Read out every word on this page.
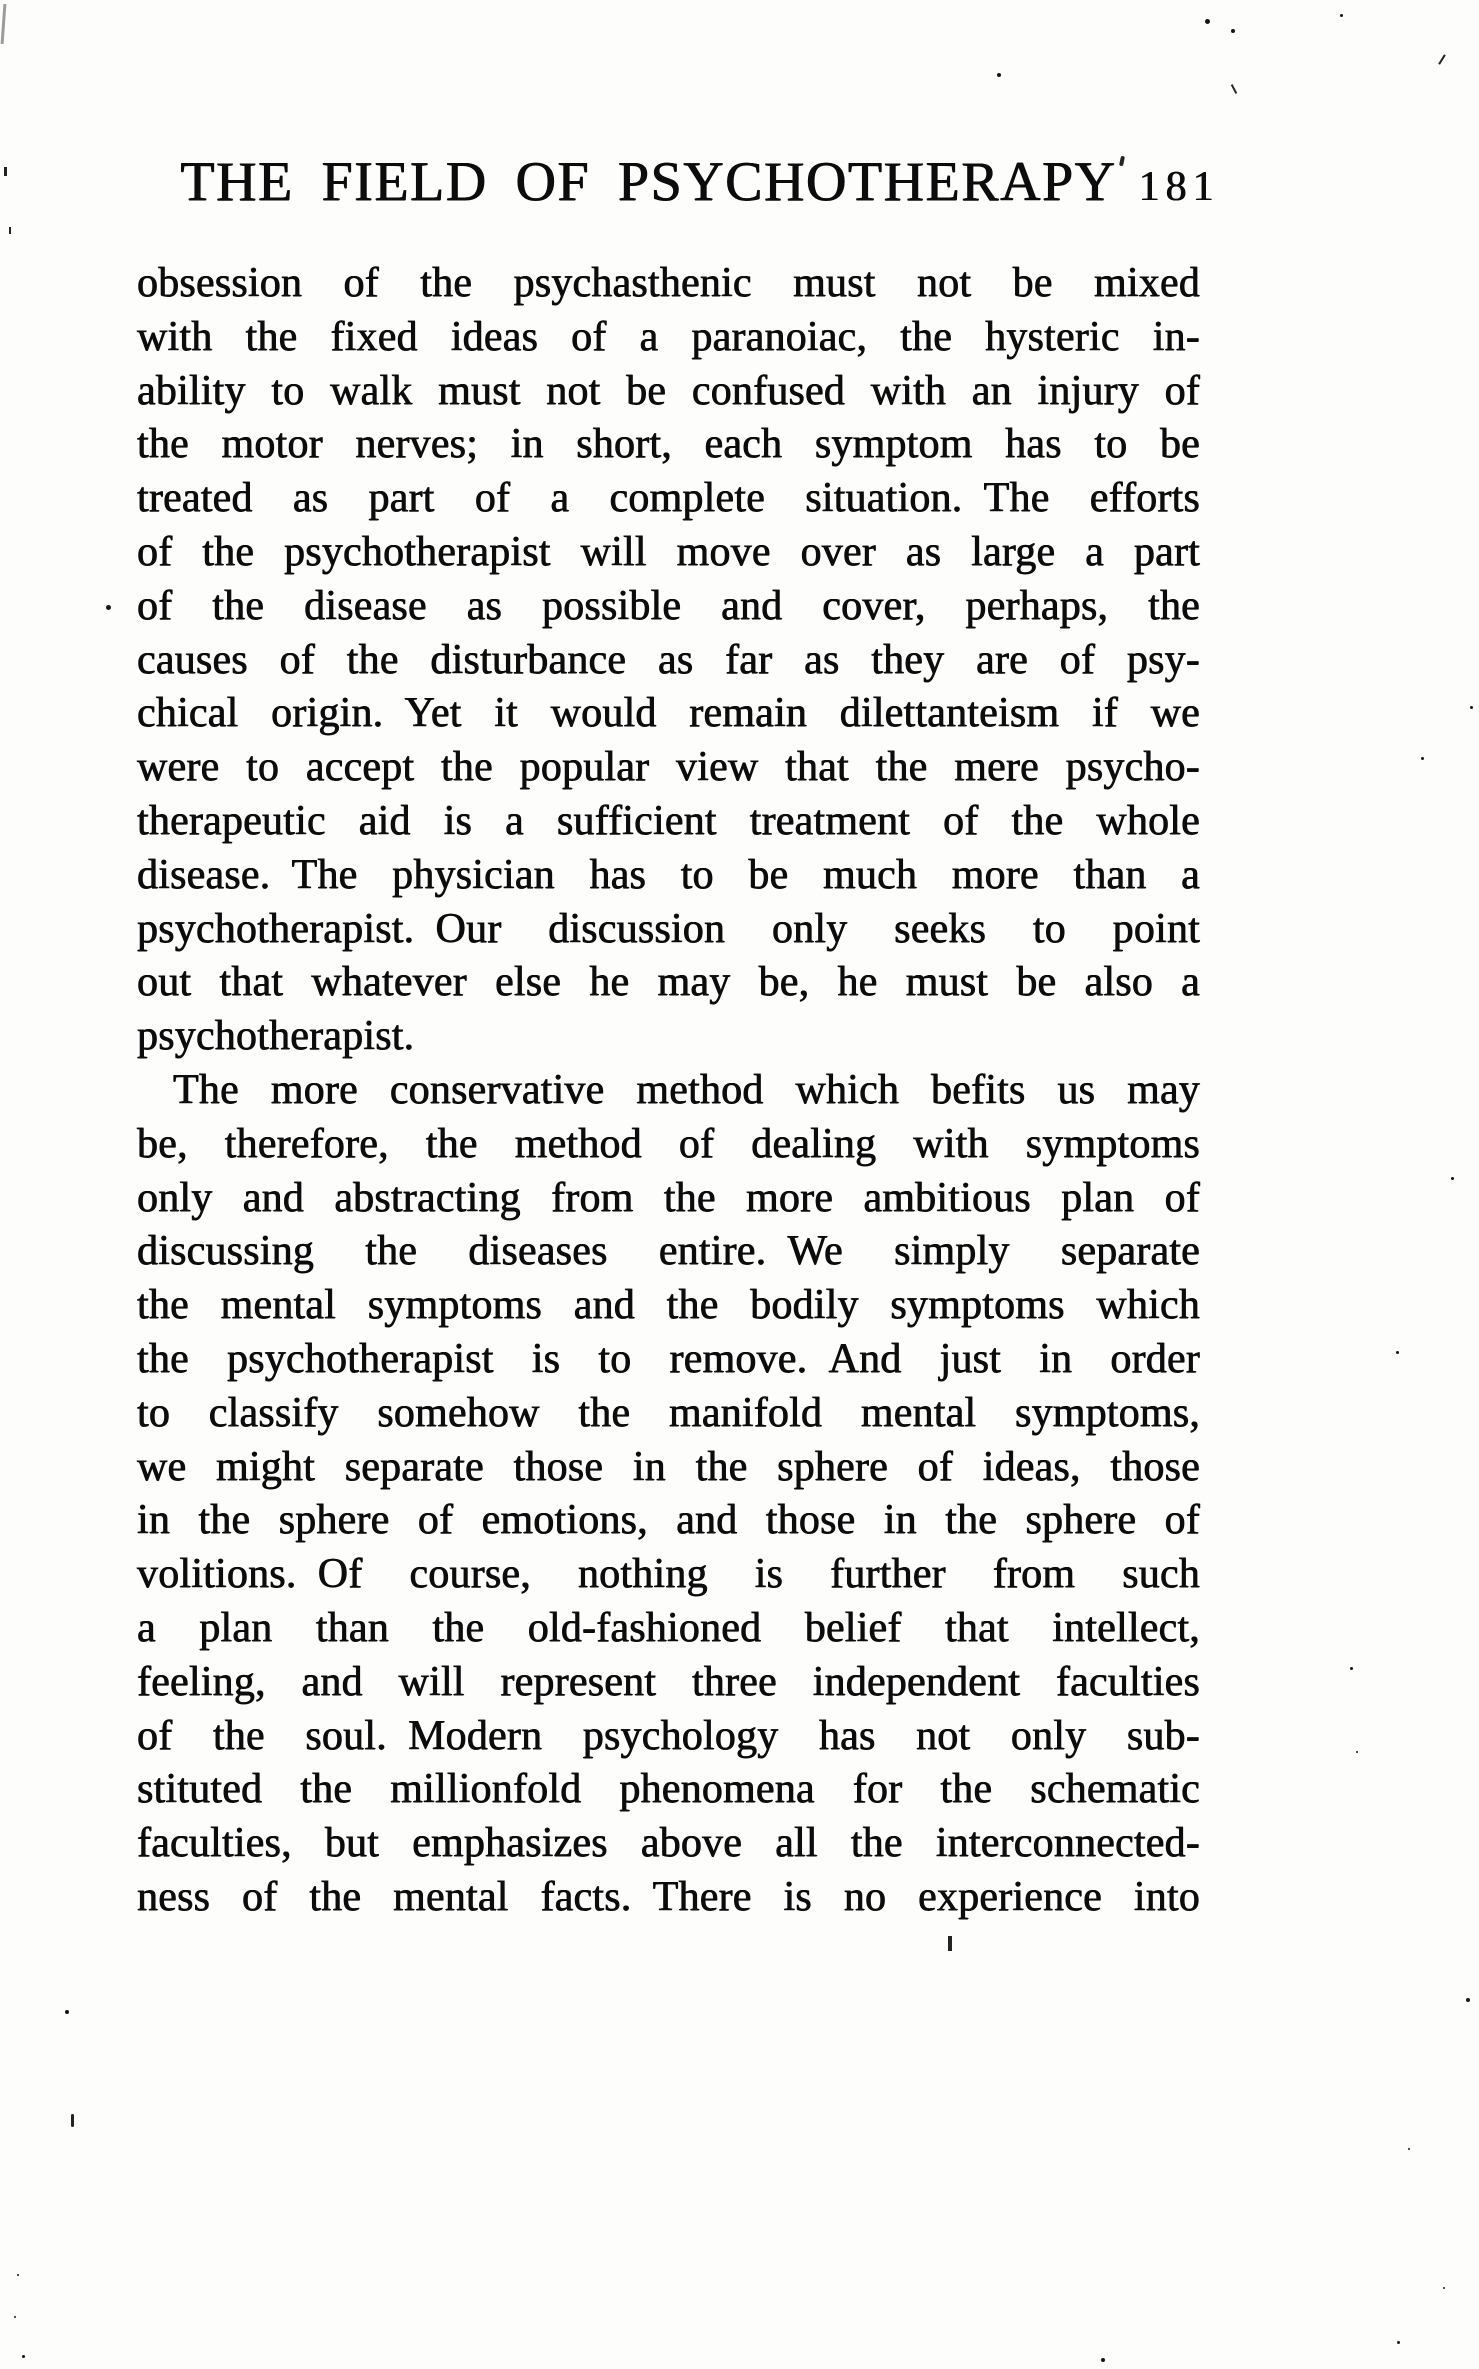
THE FIELD OF PSYCHOTHERAPY 181
obsession of the psychasthenic must not be mixed
with the fixed ideas of a paranoiac, the hysteric in-
ability to walk must not be confused with an injury of
the motor nerves; in short, each symptom has to be
treated as part of a complete situation. The efforts
of the psychotherapist will move over as large a part
of the disease as possible and cover, perhaps, the
causes of the disturbance as far as they are of psy-
chical origin. Yet it would remain dilettanteism if we
were to accept the popular view that the mere psycho-
therapeutic aid is a sufficient treatment of the whole
disease. The physician has to be much more than a
psychotherapist. Our discussion only seeks to point
out that whatever else he may be, he must be also a
psychotherapist.
The more conservative method which befits us may
be, therefore, the method of dealing with symptoms
only and abstracting from the more ambitious plan of
discussing the diseases entire. We simply separate
the mental symptoms and the bodily symptoms which
the psychotherapist is to remove. And just in order
to classify somehow the manifold mental symptoms,
we might separate those in the sphere of ideas, those
in the sphere of emotions, and those in the sphere of
volitions. Of course, nothing is further from such
a plan than the old-fashioned belief that intellect,
feeling, and will represent three independent faculties
of the soul. Modern psychology has not only sub-
stituted the millionfold phenomena for the schematic
faculties, but emphasizes above all the interconnected-
ness of the mental facts. There is no experience into
